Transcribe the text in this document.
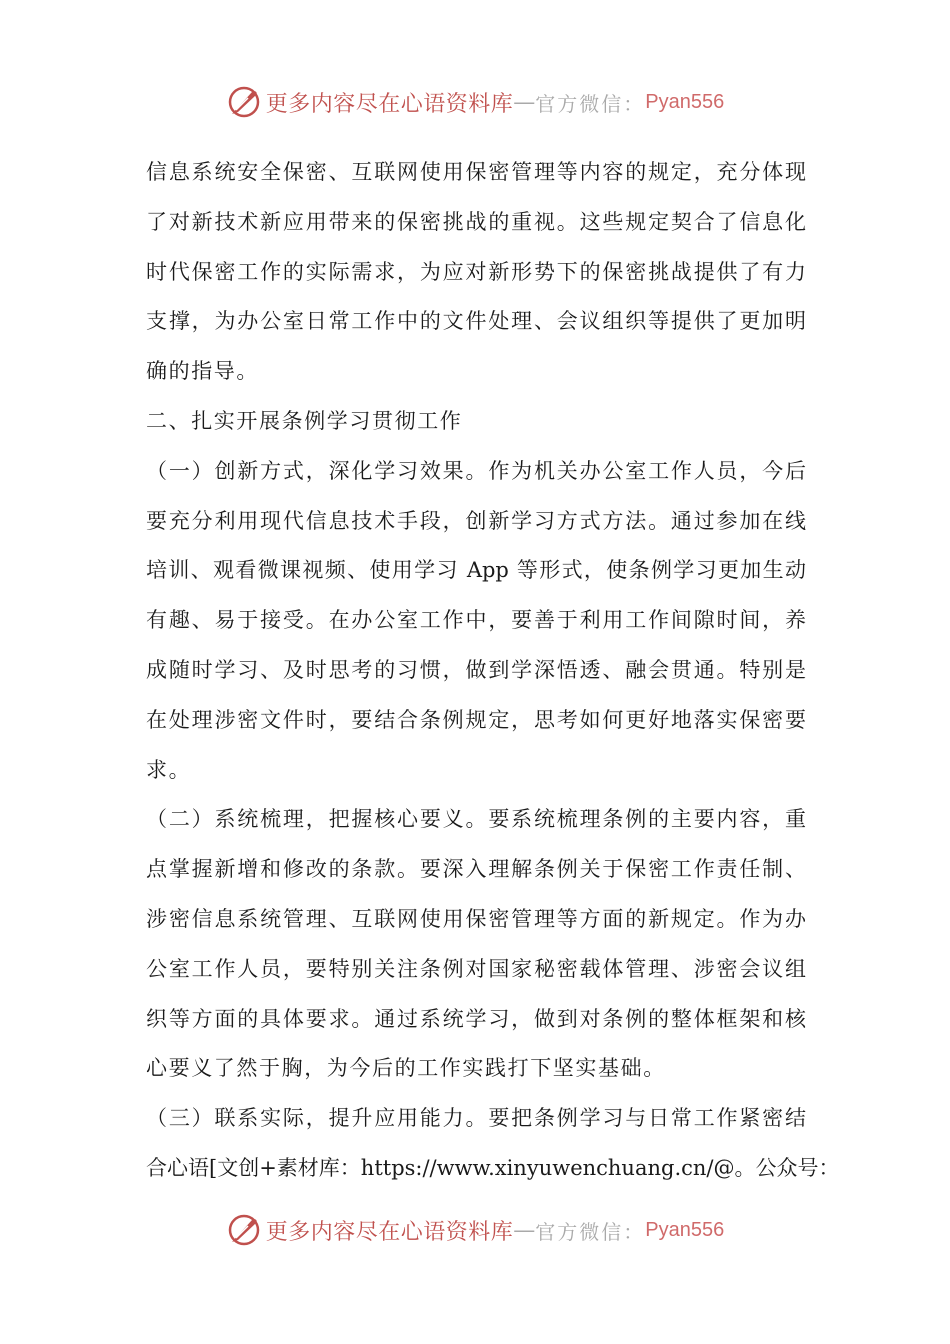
更多内容尽在心语资料库 — 官方微信： Pyan556
信息系统安全保密、互联网使用保密管理等内容的规定，充分体现
了对新技术新应用带来的保密挑战的重视。这些规定契合了信息化
时代保密工作的实际需求，为应对新形势下的保密挑战提供了有力
支撑，为办公室日常工作中的文件处理、会议组织等提供了更加明
确的指导。
二、扎实开展条例学习贯彻工作
（一）创新方式，深化学习效果。作为机关办公室工作人员，今后
要充分利用现代信息技术手段，创新学习方式方法。通过参加在线
培训、观看微课视频、使用学习 App 等形式，使条例学习更加生动
有趣、易于接受。在办公室工作中，要善于利用工作间隙时间，养
成随时学习、及时思考的习惯，做到学深悟透、融会贯通。特别是
在处理涉密文件时，要结合条例规定，思考如何更好地落实保密要
求。
（二）系统梳理，把握核心要义。要系统梳理条例的主要内容，重
点掌握新增和修改的条款。要深入理解条例关于保密工作责任制、
涉密信息系统管理、互联网使用保密管理等方面的新规定。作为办
公室工作人员，要特别关注条例对国家秘密载体管理、涉密会议组
织等方面的具体要求。通过系统学习，做到对条例的整体框架和核
心要义了然于胸，为今后的工作实践打下坚实基础。
（三）联系实际，提升应用能力。要把条例学习与日常工作紧密结
合心语[文创+素材库：https://www.xinyuwenchuang.cn/@。公众号：
更多内容尽在心语资料库 — 官方微信： Pyan556
